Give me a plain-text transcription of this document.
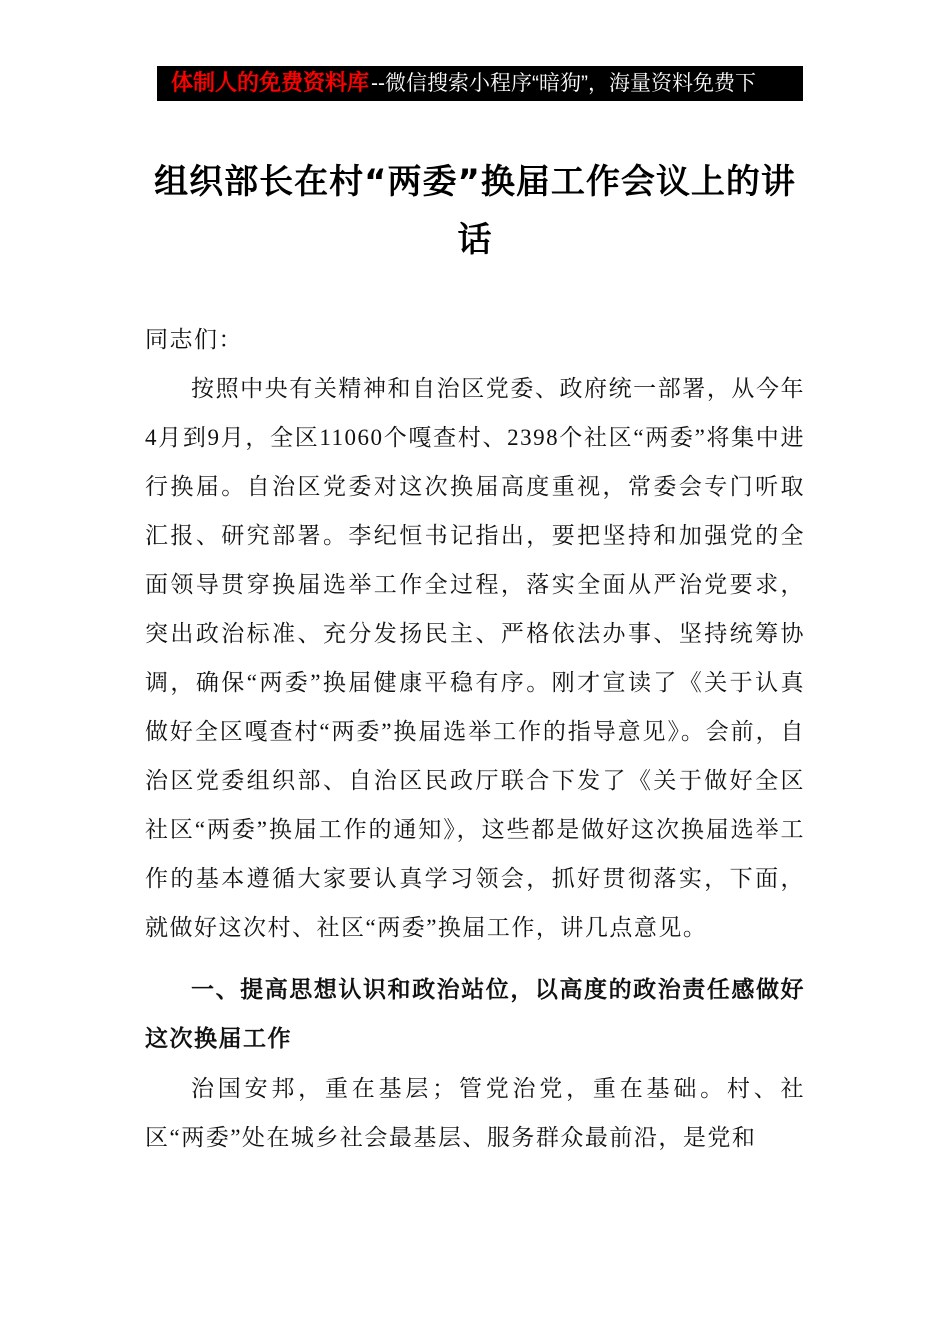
体制人的免费资料库--微信搜索小程序“暗狗”，海量资料免费下
组织部长在村“两委”换届工作会议上的讲话

同志们：

按照中央有关精神和自治区党委、政府统一部署，从今年4月到9月，全区11060个嘎查村、2398个社区“两委”将集中进行换届。自治区党委对这次换届高度重视，常委会专门听取汇报、研究部署。李纪恒书记指出，要把坚持和加强党的全面领导贯穿换届选举工作全过程，落实全面从严治党要求，突出政治标准、充分发扬民主、严格依法办事、坚持统筹协调，确保“两委”换届健康平稳有序。刚才宣读了《关于认真做好全区嘎查村“两委”换届选举工作的指导意见》。会前，自治区党委组织部、自治区民政厅联合下发了《关于做好全区社区“两委”换届工作的通知》，这些都是做好这次换届选举工作的基本遵循大家要认真学习领会，抓好贯彻落实，下面，就做好这次村、社区“两委”换届工作，讲几点意见。

一、提高思想认识和政治站位，以高度的政治责任感做好这次换届工作

治国安邦，重在基层；管党治党，重在基础。村、社区“两委”处在城乡社会最基层、服务群众最前沿，是党和
